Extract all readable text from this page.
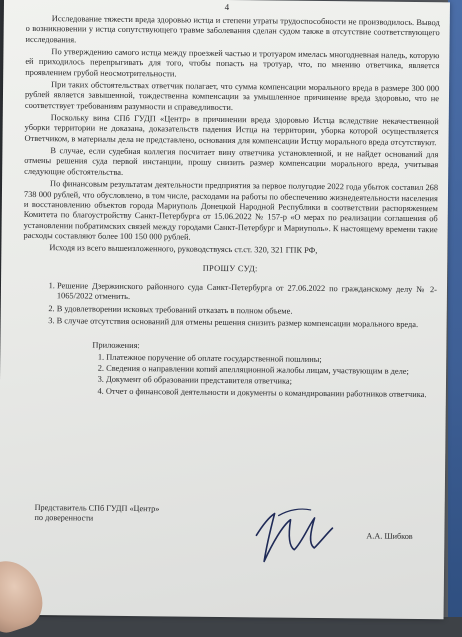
4

Исследование тяжести вреда здоровью истца и степени утраты трудоспособности не производилось. Вывод о возникновении у истца сопутствующего травме заболевания сделан судом также в отсутствие соответствующего исследования.

По утверждению самого истца между проезжей частью и тротуаром имелась многодневная наледь, которую ей приходилось перепрыгивать для того, чтобы попасть на тротуар, что, по мнению ответчика, является проявлением грубой неосмотрительности.

При таких обстоятельствах ответчик полагает, что сумма компенсации морального вреда в размере 300 000 рублей является завышенной, тождественна компенсации за умышленное причинение вреда здоровью, что не соответствует требованиям разумности и справедливости.

Поскольку вина СПб ГУДП «Центр» в причинении вреда здоровью Истца вследствие некачественной уборки территории не доказана, доказательств падения Истца на территории, уборка которой осуществляется Ответчиком, в материалы дела не представлено, основания для компенсации Истцу морального вреда отсутствуют.

В случае, если судебная коллегия посчитает вину ответчика установленной, и не найдет оснований для отмены решения суда первой инстанции, прошу снизить размер компенсации морального вреда, учитывая следующие обстоятельства.

По финансовым результатам деятельности предприятия за первое полугодие 2022 года убыток составил 268 738 000 рублей, что обусловлено, в том числе, расходами на работы по обеспечению жизнедеятельности населения и восстановлению объектов города Мариуполь Донецкой Народной Республики в соответствии распоряжением Комитета по благоустройству Санкт-Петербурга от 15.06.2022 № 157-р «О мерах по реализации соглашения об установлении побратимских связей между городами Санкт-Петербург и Мариуполь». К настоящему времени такие расходы составляют более 100 150 000 рублей.

Исходя из всего вышеизложенного, руководствуясь ст.ст. 320, 321 ГПК РФ,

ПРОШУ СУД:
1. Решение Дзержинского районного суда Санкт-Петербурга от 27.06.2022 по гражданскому делу № 2-1065/2022 отменить.
2. В удовлетворении исковых требований отказать в полном объеме.
3. В случае отсутствия оснований для отмены решения снизить размер компенсации морального вреда.
Приложения:
1. Платежное поручение об оплате государственной пошлины;
2. Сведения о направлении копий апелляционной жалобы лицам, участвующим в деле;
3. Документ об образовании представителя ответчика;
4. Отчет о финансовой деятельности и документы о командировании работников ответчика.
Представитель СПб ГУДП «Центр»
по доверенности
А.А. Шибков
